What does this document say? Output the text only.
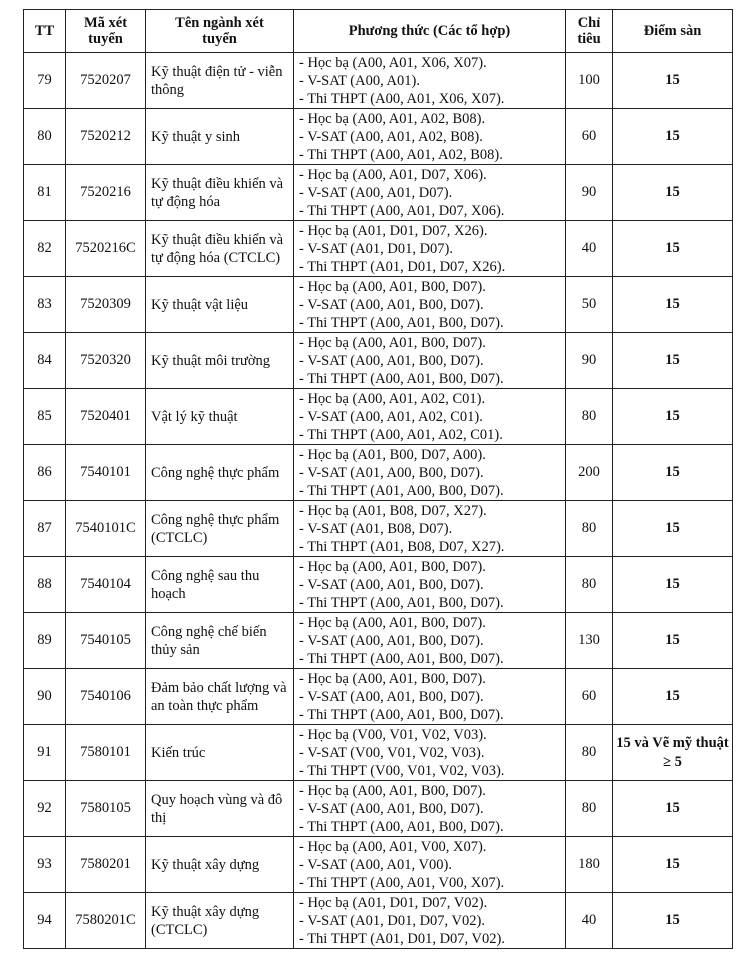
TT	Mã xét tuyển	Tên ngành xét tuyển	Phương thức (Các tổ hợp)	Chỉ tiêu	Điểm sàn
79	7520207	Kỹ thuật điện tử - viễn thông	- Học bạ (A00, A01, X06, X07).
- V-SAT (A00, A01).
- Thi THPT (A00, A01, X06, X07).	100	15
80	7520212	Kỹ thuật y sinh	- Học bạ (A00, A01, A02, B08).
- V-SAT (A00, A01, A02, B08).
- Thi THPT (A00, A01, A02, B08).	60	15
81	7520216	Kỹ thuật điều khiển và tự động hóa	- Học bạ (A00, A01, D07, X06).
- V-SAT (A00, A01, D07).
- Thi THPT (A00, A01, D07, X06).	90	15
82	7520216C	Kỹ thuật điều khiển và tự động hóa (CTCLC)	- Học bạ (A01, D01, D07, X26).
- V-SAT (A01, D01, D07).
- Thi THPT (A01, D01, D07, X26).	40	15
83	7520309	Kỹ thuật vật liệu	- Học bạ (A00, A01, B00, D07).
- V-SAT (A00, A01, B00, D07).
- Thi THPT (A00, A01, B00, D07).	50	15
84	7520320	Kỹ thuật môi trường	- Học bạ (A00, A01, B00, D07).
- V-SAT (A00, A01, B00, D07).
- Thi THPT (A00, A01, B00, D07).	90	15
85	7520401	Vật lý kỹ thuật	- Học bạ (A00, A01, A02, C01).
- V-SAT (A00, A01, A02, C01).
- Thi THPT (A00, A01, A02, C01).	80	15
86	7540101	Công nghệ thực phẩm	- Học bạ (A01, B00, D07, A00).
- V-SAT (A01, A00, B00, D07).
- Thi THPT (A01, A00, B00, D07).	200	15
87	7540101C	Công nghệ thực phẩm (CTCLC)	- Học bạ (A01, B08, D07, X27).
- V-SAT (A01, B08, D07).
- Thi THPT (A01, B08, D07, X27).	80	15
88	7540104	Công nghệ sau thu hoạch	- Học bạ (A00, A01, B00, D07).
- V-SAT (A00, A01, B00, D07).
- Thi THPT (A00, A01, B00, D07).	80	15
89	7540105	Công nghệ chế biến thủy sản	- Học bạ (A00, A01, B00, D07).
- V-SAT (A00, A01, B00, D07).
- Thi THPT (A00, A01, B00, D07).	130	15
90	7540106	Đảm bảo chất lượng và an toàn thực phẩm	- Học bạ (A00, A01, B00, D07).
- V-SAT (A00, A01, B00, D07).
- Thi THPT (A00, A01, B00, D07).	60	15
91	7580101	Kiến trúc	- Học bạ (V00, V01, V02, V03).
- V-SAT (V00, V01, V02, V03).
- Thi THPT (V00, V01, V02, V03).	80	15 và Vẽ mỹ thuật ≥ 5
92	7580105	Quy hoạch vùng và đô thị	- Học bạ (A00, A01, B00, D07).
- V-SAT (A00, A01, B00, D07).
- Thi THPT (A00, A01, B00, D07).	80	15
93	7580201	Kỹ thuật xây dựng	- Học bạ (A00, A01, V00, X07).
- V-SAT (A00, A01, V00).
- Thi THPT (A00, A01, V00, X07).	180	15
94	7580201C	Kỹ thuật xây dựng (CTCLC)	- Học bạ (A01, D01, D07, V02).
- V-SAT (A01, D01, D07, V02).
- Thi THPT (A01, D01, D07, V02).	40	15
